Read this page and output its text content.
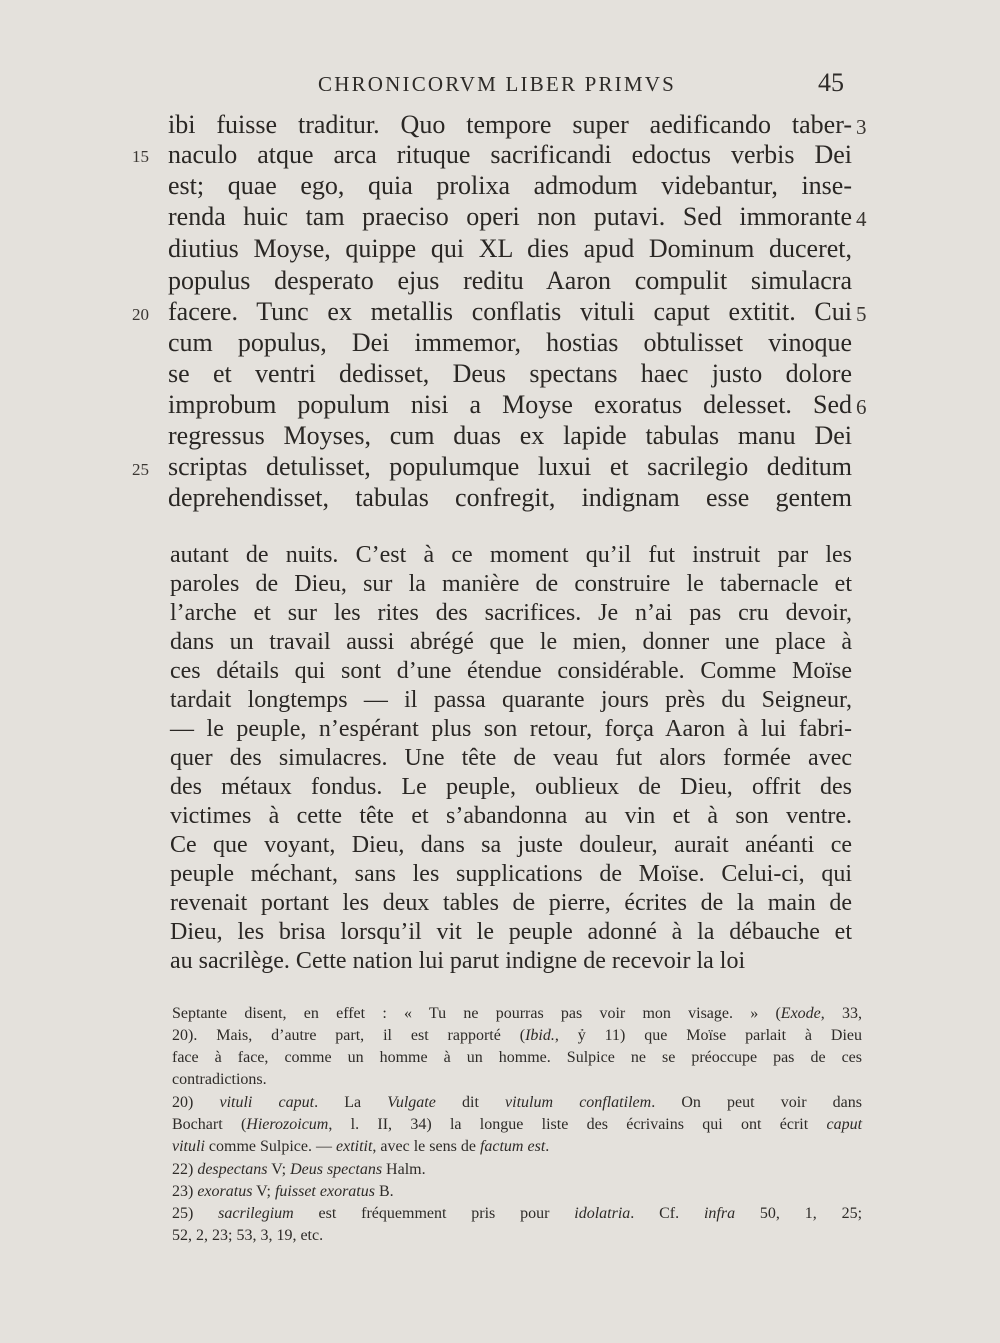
CHRONICORVM LIBER PRIMVS	45
ibi fuisse traditur. Quo tempore super aedificando taber- 3
15 naculo atque arca rituque sacrificandi edoctus verbis Dei
est; quae ego, quia prolixa admodum videbantur, inse-
renda huic tam praeciso operi non putavi. Sed immorante 4
diutius Moyse, quippe qui XL dies apud Dominum duceret,
populus desperato ejus reditu Aaron compulit simulacra
20 facere. Tunc ex metallis conflatis vituli caput extitit. Cui 5
cum populus, Dei immemor, hostias obtulisset vinoque
se et ventri dedisset, Deus spectans haec justo dolore
improbum populum nisi a Moyse exoratus delesset. Sed 6
regressus Moyses, cum duas ex lapide tabulas manu Dei
25 scriptas detulisset, populumque luxui et sacrilegio deditum
deprehendisset, tabulas confregit, indignam esse gentem
autant de nuits. C’est à ce moment qu’il fut instruit par les
paroles de Dieu, sur la manière de construire le tabernacle et
l’arche et sur les rites des sacrifices. Je n’ai pas cru devoir,
dans un travail aussi abrégé que le mien, donner une place à
ces détails qui sont d’une étendue considérable. Comme Moïse
tardait longtemps — il passa quarante jours près du Seigneur,
— le peuple, n’espérant plus son retour, força Aaron à lui fabri-
quer des simulacres. Une tête de veau fut alors formée avec
des métaux fondus. Le peuple, oublieux de Dieu, offrit des
victimes à cette tête et s’abandonna au vin et à son ventre.
Ce que voyant, Dieu, dans sa juste douleur, aurait anéanti ce
peuple méchant, sans les supplications de Moïse. Celui-ci, qui
revenait portant les deux tables de pierre, écrites de la main de
Dieu, les brisa lorsqu’il vit le peuple adonné à la débauche et
au sacrilège. Cette nation lui parut indigne de recevoir la loi
Septante disent, en effet : « Tu ne pourras pas voir mon visage. » (Exode, 33,
20). Mais, d’autre part, il est rapporté (Ibid., ỷ 11) que Moïse parlait à Dieu
face à face, comme un homme à un homme. Sulpice ne se préoccupe pas de ces
contradictions.
20) vituli caput. La Vulgate dit vitulum conflatilem. On peut voir dans
Bochart (Hierozoicum, l. II, 34) la longue liste des écrivains qui ont écrit caput
vituli comme Sulpice. — extitit, avec le sens de factum est.
22) despectans V; Deus spectans Halm.
23) exoratus V; fuisset exoratus B.
25) sacrilegium est fréquemment pris pour idolatria. Cf. infra 50, 1, 25;
52, 2, 23; 53, 3, 19, etc.
